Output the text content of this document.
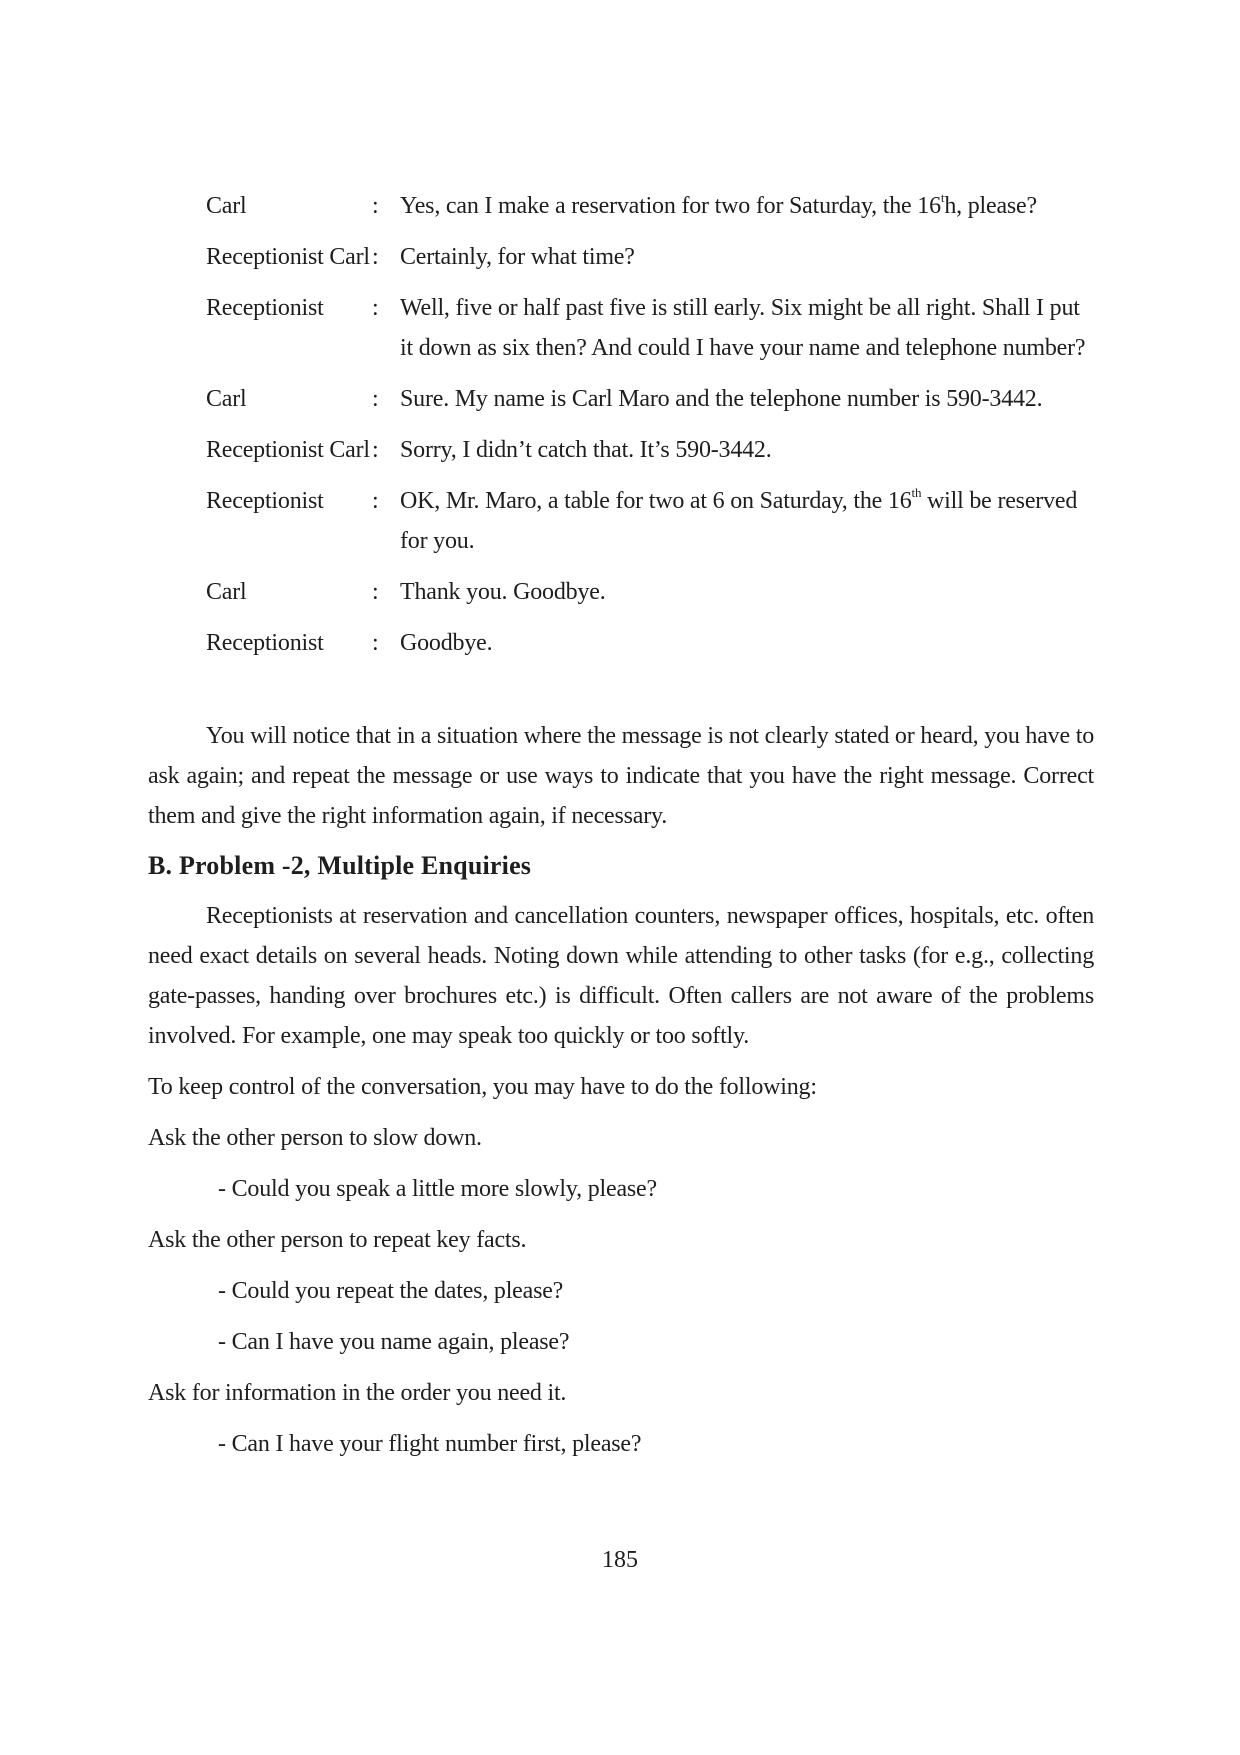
Carl	: Yes, can I make a reservation for two for Saturday, the 16$^t$h, please?
Receptionist Carl : Certainly, for what time?
Receptionist	: Well, five or half past five is still early. Six might be all right. Shall I put it down as six then? And could I have your name and telephone number?
Carl	: Sure. My name is Carl Maro and the telephone number is 590-3442.
Receptionist Carl : Sorry, I didn’t catch that. It’s 590-3442.
Receptionist	: OK, Mr. Maro, a table for two at 6 on Saturday, the 16th will be reserved for you.
Carl	: Thank you. Goodbye.
Receptionist	: Goodbye.

You will notice that in a situation where the message is not clearly stated or heard, you have to ask again; and repeat the message or use ways to indicate that you have the right message. Correct them and give the right information again, if necessary.

B. Problem -2, Multiple Enquiries

Receptionists at reservation and cancellation counters, newspaper offices, hospitals, etc. often need exact details on several heads. Noting down while attending to other tasks (for e.g., collecting gate-passes, handing over brochures etc.) is difficult. Often callers are not aware of the problems involved. For example, one may speak too quickly or too softly.

To keep control of the conversation, you may have to do the following:

Ask the other person to slow down.

- Could you speak a little more slowly, please?

Ask the other person to repeat key facts.

- Could you repeat the dates, please?

- Can I have you name again, please?

Ask for information in the order you need it.

- Can I have your flight number first, please?

185
